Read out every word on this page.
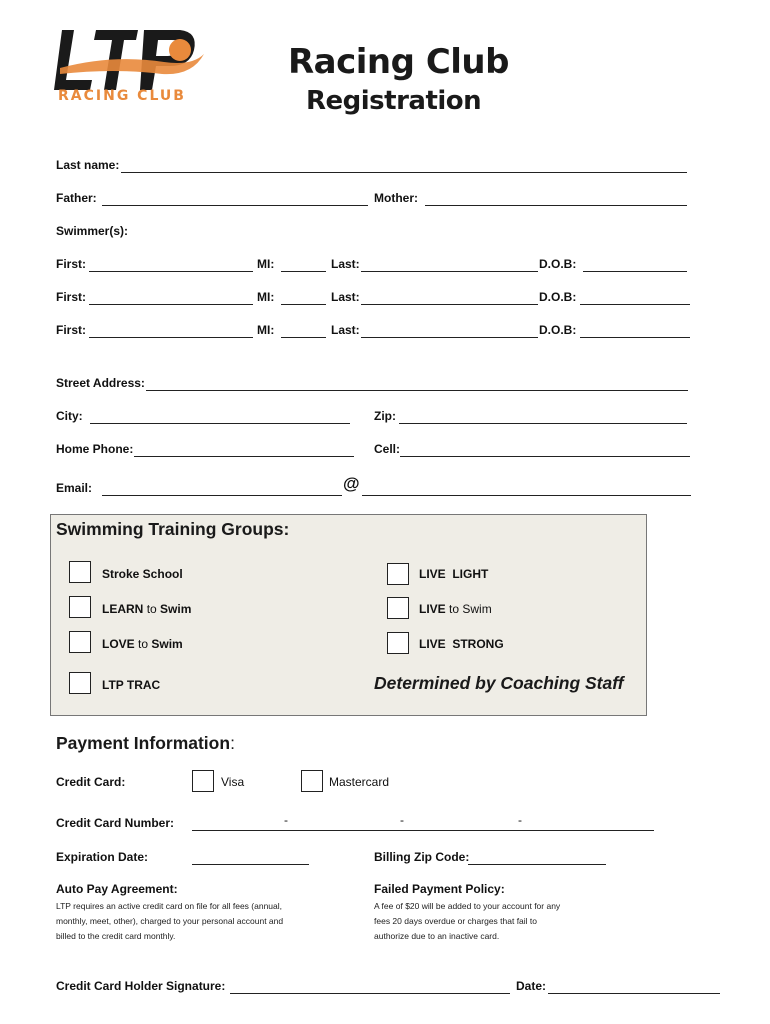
RACING CLUB
Racing Club
Registration
Last name:
Father:	Mother:
Swimmer(s):
First:	MI:	Last:	D.O.B:
First:	MI:	Last:	D.O.B:
First:	MI:	Last:	D.O.B:
Street Address:
City:	Zip:
Home Phone:	Cell:
Email:	@
Swimming Training Groups:
Stroke School
LEARN to Swim
LOVE to Swim
LTP TRAC
LIVE  LIGHT
LIVE to Swim
LIVE  STRONG
Determined by Coaching Staff
Payment Information:
Credit Card:	Visa	Mastercard
Credit Card Number:	-	-	-
Expiration Date:	Billing Zip Code:
Auto Pay Agreement:
LTP requires an active credit card on file for all fees (annual,
monthly, meet, other), charged to your personal account and
billed to the credit card monthly.
Failed Payment Policy:
A fee of $20 will be added to your account for any
fees 20 days overdue or charges that fail to
authorize due to an inactive card.
Credit Card Holder Signature:	Date:
